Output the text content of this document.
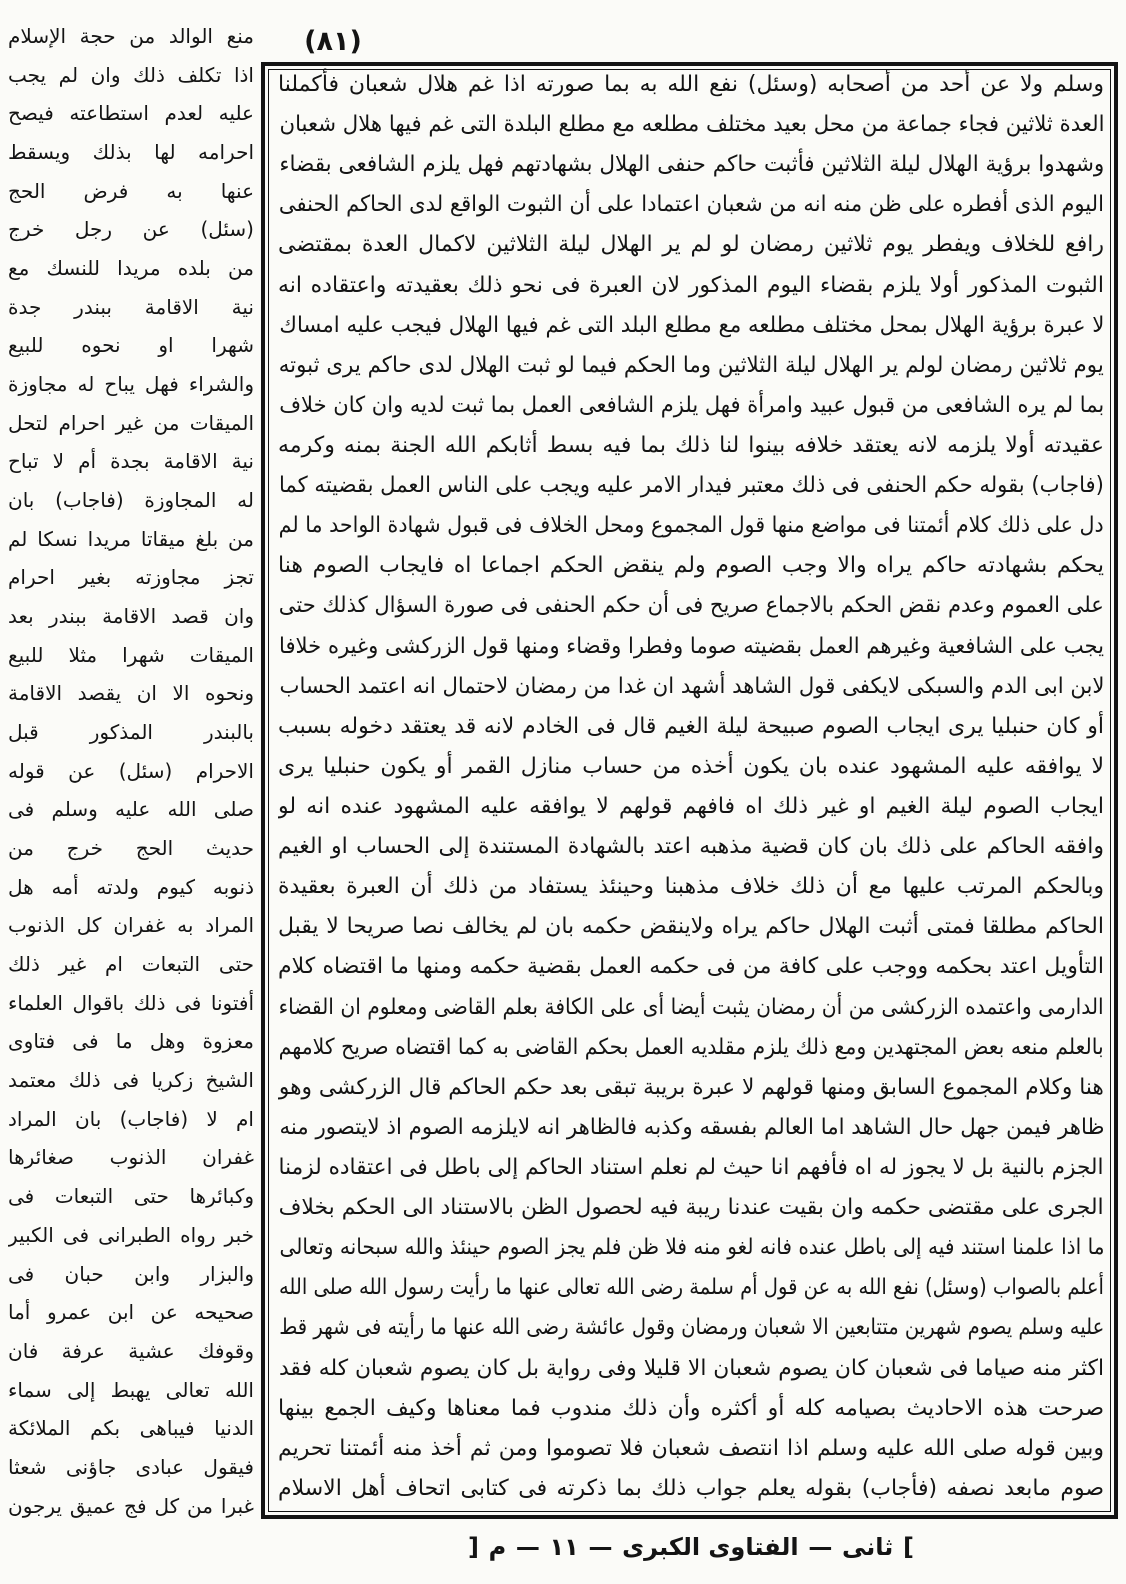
(٨١)
منع الوالد من حجة الإسلام
اذا تكلف ذلك وان لم يجب
عليه لعدم استطاعته فيصح
احرامه لها بذلك ويسقط
عنها به فرض الحج
(سئل) عن رجل خرج
من بلده مريدا للنسك مع
نية الاقامة ببندر جدة
شهرا او نحوه للبيع
والشراء فهل يباح له مجاوزة
الميقات من غير احرام لتحل
نية الاقامة بجدة أم لا تباح
له المجاوزة (فاجاب) بان
من بلغ ميقاتا مريدا نسكا لم
تجز مجاوزته بغير احرام
وان قصد الاقامة ببندر بعد
الميقات شهرا مثلا للبيع
ونحوه الا ان يقصد الاقامة
بالبندر المذكور قبل
الاحرام (سئل) عن قوله
صلى الله عليه وسلم فى
حديث الحج خرج من
ذنوبه كيوم ولدته أمه هل
المراد به غفران كل الذنوب
حتى التبعات ام غير ذلك
أفتونا فى ذلك باقوال العلماء
معزوة وهل ما فى فتاوى
الشيخ زكريا فى ذلك معتمد
ام لا (فاجاب) بان المراد
غفران الذنوب صغائرها
وكبائرها حتى التبعات فى
خبر رواه الطبرانى فى الكبير
والبزار وابن حبان فى
صحيحه عن ابن عمرو أما
وقوفك عشية عرفة فان
الله تعالى يهبط إلى سماء
الدنيا فيباهى بكم الملائكة
فيقول عبادى جاؤنى شعثا
غبرا من كل فج عميق يرجون
وسلم ولا عن أحد من أصحابه (وسئل) نفع الله به بما صورته اذا غم هلال شعبان فأكملنا
العدة ثلاثين فجاء جماعة من محل بعيد مختلف مطلعه مع مطلع البلدة التى غم فيها هلال شعبان
وشهدوا برؤية الهلال ليلة الثلاثين فأثبت حاكم حنفى الهلال بشهادتهم فهل يلزم الشافعى بقضاء
اليوم الذى أفطره على ظن منه انه من شعبان اعتمادا على أن الثبوت الواقع لدى الحاكم الحنفى
رافع للخلاف ويفطر يوم ثلاثين رمضان لو لم ير الهلال ليلة الثلاثين لاكمال العدة بمقتضى
الثبوت المذكور أولا يلزم بقضاء اليوم المذكور لان العبرة فى نحو ذلك بعقيدته واعتقاده انه
لا عبرة برؤية الهلال بمحل مختلف مطلعه مع مطلع البلد التى غم فيها الهلال فيجب عليه امساك
يوم ثلاثين رمضان لولم ير الهلال ليلة الثلاثين وما الحكم فيما لو ثبت الهلال لدى حاكم يرى ثبوته
بما لم يره الشافعى من قبول عبيد وامرأة فهل يلزم الشافعى العمل بما ثبت لديه وان كان خلاف
عقيدته أولا يلزمه لانه يعتقد خلافه بينوا لنا ذلك بما فيه بسط أثابكم الله الجنة بمنه وكرمه
(فاجاب) بقوله حكم الحنفى فى ذلك معتبر فيدار الامر عليه ويجب على الناس العمل بقضيته كما
دل على ذلك كلام أئمتنا فى مواضع منها قول المجموع ومحل الخلاف فى قبول شهادة الواحد ما لم
يحكم بشهادته حاكم يراه والا وجب الصوم ولم ينقض الحكم اجماعا اه فايجاب الصوم هنا
على العموم وعدم نقض الحكم بالاجماع صريح فى أن حكم الحنفى فى صورة السؤال كذلك حتى
يجب على الشافعية وغيرهم العمل بقضيته صوما وفطرا وقضاء ومنها قول الزركشى وغيره خلافا
لابن ابى الدم والسبكى لايكفى قول الشاهد أشهد ان غدا من رمضان لاحتمال انه اعتمد الحساب
أو كان حنبليا يرى ايجاب الصوم صبيحة ليلة الغيم قال فى الخادم لانه قد يعتقد دخوله بسبب
لا يوافقه عليه المشهود عنده بان يكون أخذه من حساب منازل القمر أو يكون حنبليا يرى
ايجاب الصوم ليلة الغيم او غير ذلك اه فافهم قولهم لا يوافقه عليه المشهود عنده انه لو
وافقه الحاكم على ذلك بان كان قضية مذهبه اعتد بالشهادة المستندة إلى الحساب او الغيم
وبالحكم المرتب عليها مع أن ذلك خلاف مذهبنا وحينئذ يستفاد من ذلك أن العبرة بعقيدة
الحاكم مطلقا فمتى أثبت الهلال حاكم يراه ولاينقض حكمه بان لم يخالف نصا صريحا لا يقبل
التأويل اعتد بحكمه ووجب على كافة من فى حكمه العمل بقضية حكمه ومنها ما اقتضاه كلام
الدارمى واعتمده الزركشى من أن رمضان يثبت أيضا أى على الكافة بعلم القاضى ومعلوم ان القضاء
بالعلم منعه بعض المجتهدين ومع ذلك يلزم مقلديه العمل بحكم القاضى به كما اقتضاه صريح كلامهم
هنا وكلام المجموع السابق ومنها قولهم لا عبرة بريبة تبقى بعد حكم الحاكم قال الزركشى وهو
ظاهر فيمن جهل حال الشاهد اما العالم بفسقه وكذبه فالظاهر انه لايلزمه الصوم اذ لايتصور منه
الجزم بالنية بل لا يجوز له اه فأفهم انا حيث لم نعلم استناد الحاكم إلى باطل فى اعتقاده لزمنا
الجرى على مقتضى حكمه وان بقيت عندنا ريبة فيه لحصول الظن بالاستناد الى الحكم بخلاف
ما اذا علمنا استند فيه إلى باطل عنده فانه لغو منه فلا ظن فلم يجز الصوم حينئذ والله سبحانه وتعالى
أعلم بالصواب (وسئل) نفع الله به عن قول أم سلمة رضى الله تعالى عنها ما رأيت رسول الله صلى الله
عليه وسلم يصوم شهرين متتابعين الا شعبان ورمضان وقول عائشة رضى الله عنها ما رأيته فى شهر قط
اكثر منه صياما فى شعبان كان يصوم شعبان الا قليلا وفى رواية بل كان يصوم شعبان كله فقد
صرحت هذه الاحاديث بصيامه كله أو أكثره وأن ذلك مندوب فما معناها وكيف الجمع بينها
وبين قوله صلى الله عليه وسلم اذا انتصف شعبان فلا تصوموا ومن ثم أخذ منه أئمتنا تحريم
صوم مابعد نصفه (فأجاب) بقوله يعلم جواب ذلك بما ذكرته فى كتابى اتحاف أهل الاسلام
[ م — ١١ — الفتاوى الكبرى — ثانى ]
